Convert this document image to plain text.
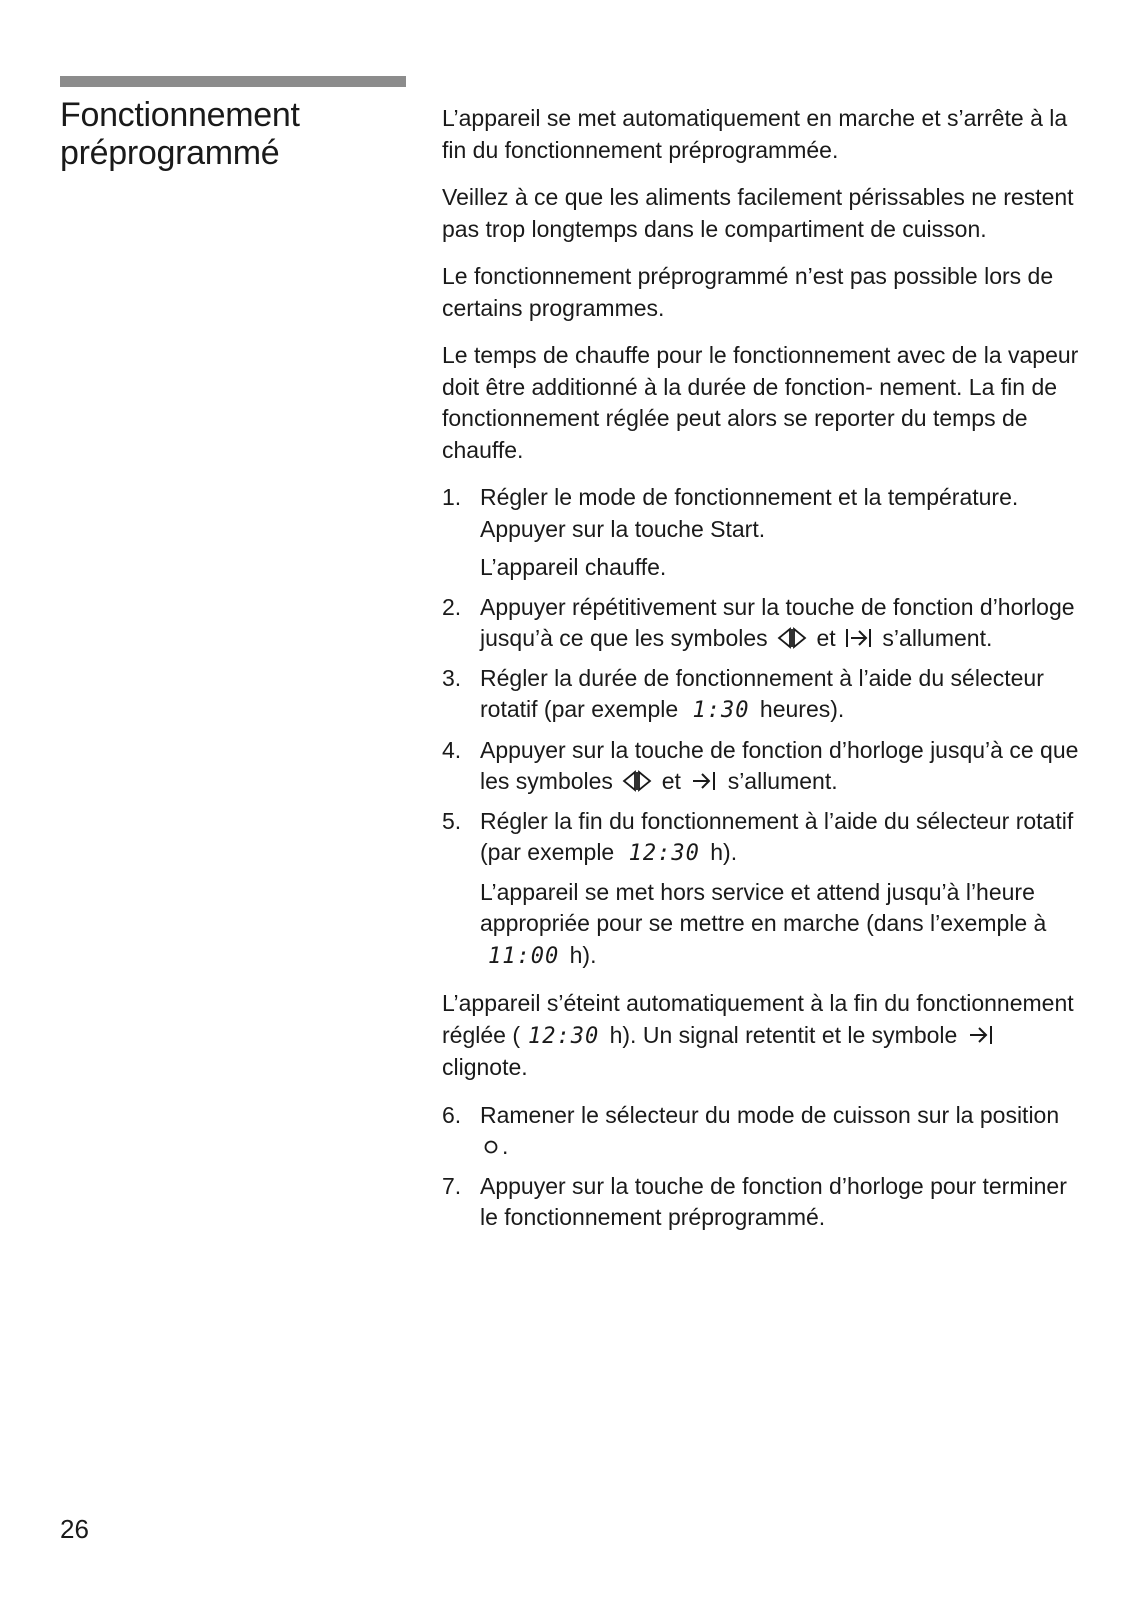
Fonctionnement
préprogrammé

L’appareil se met automatiquement en marche et s’arrête à la fin du fonctionnement préprogrammée.

Veillez à ce que les aliments facilement périssables ne restent pas trop longtemps dans le compartiment de cuisson.

Le fonctionnement préprogrammé n’est pas possible lors de certains programmes.

Le temps de chauffe pour le fonctionnement avec de la vapeur doit être additionné à la durée de fonction- nement. La fin de fonctionnement réglée peut alors se reporter du temps de chauffe.

1. Régler le mode de fonctionnement et la température. Appuyer sur la touche Start.

L’appareil chauffe.

2. Appuyer répétitivement sur la touche de fonction d’horloge jusqu’à ce que les symboles et s’allument.
3. Régler la durée de fonctionnement à l’aide du sélecteur rotatif (par exemple 1:30 heures).
4. Appuyer sur la touche de fonction d’horloge jusqu’à ce que les symboles et s’allument.
5. Régler la fin du fonctionnement à l’aide du sélecteur rotatif (par exemple 12:30 h).

L’appareil se met hors service et attend jusqu’à l’heure appropriée pour se mettre en marche (dans l’exemple à 11:00 h).

L’appareil s’éteint automatiquement à la fin du fonctionnement réglée ( 12:30 h). Un signal retentit et le symbole  clignote.

6. Ramener le sélecteur du mode de cuisson sur la position .
7. Appuyer sur la touche de fonction d’horloge pour terminer le fonctionnement préprogrammé.
26
